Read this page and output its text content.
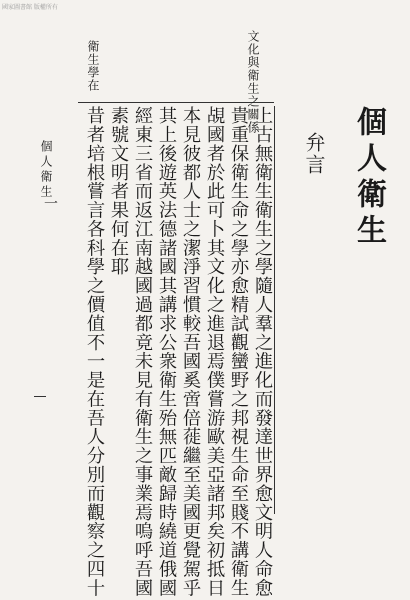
國家圖書館 版權所有
個人衛生
弁言
上古無衛生衛生之學隨人羣之進化而發達世界愈文明人命愈
貴重保衛生命之學亦愈精試觀蠻野之邦視生命至賤不講衛生
覘國者於此可卜其文化之進退焉僕嘗游歐美亞諸邦矣初抵日
本見彼都人士之潔淨習慣較吾國奚啻倍蓰繼至美國更覺駕乎
其上後遊英法德諸國其講求公衆衛生殆無匹敵歸時繞道俄國
經東三省而返江南越國過都竟未見有衛生之事業焉嗚呼吾國
素號文明者果何在耶
昔者培根嘗言各科學之價值不一是在吾人分別而觀察之四十
文化與衛生之關係
衛生學在
個人衛生
一
